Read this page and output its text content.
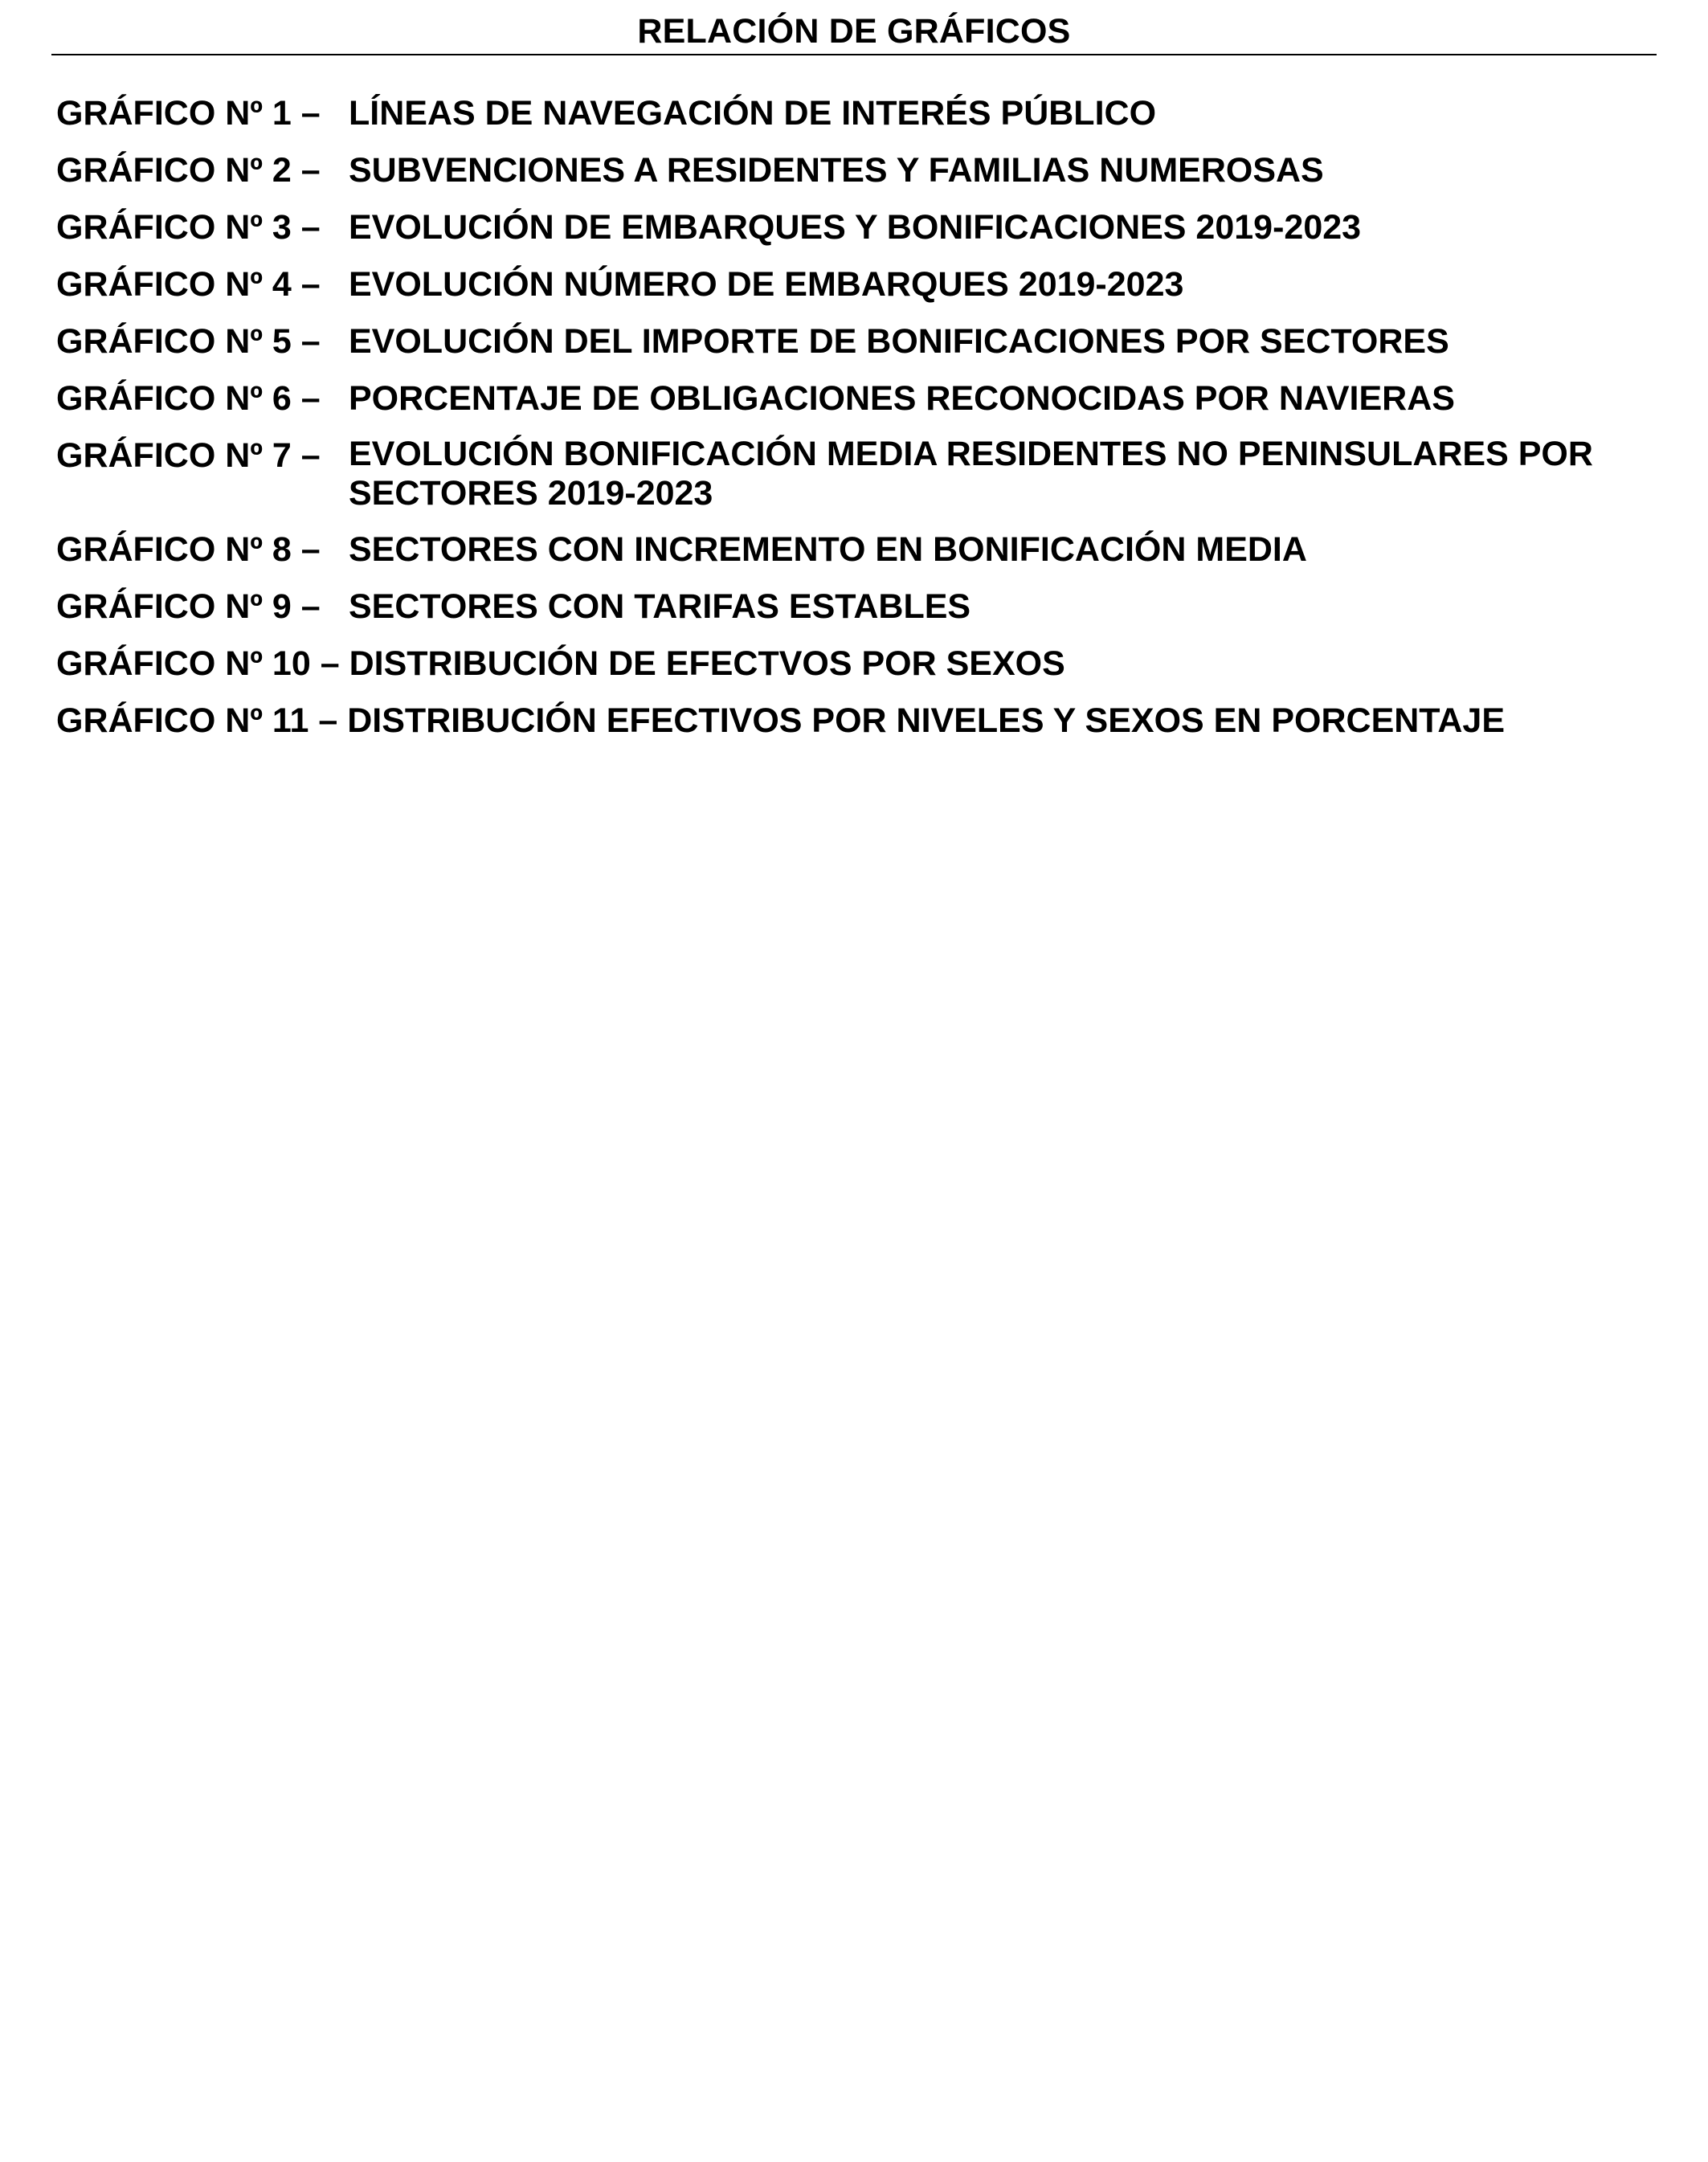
RELACIÓN DE GRÁFICOS
GRÁFICO Nº 1 – LÍNEAS DE NAVEGACIÓN DE INTERÉS PÚBLICO
GRÁFICO Nº 2 – SUBVENCIONES A RESIDENTES Y FAMILIAS NUMEROSAS
GRÁFICO Nº 3 – EVOLUCIÓN DE EMBARQUES Y BONIFICACIONES 2019-2023
GRÁFICO Nº 4 – EVOLUCIÓN NÚMERO DE EMBARQUES 2019-2023
GRÁFICO Nº 5 – EVOLUCIÓN DEL IMPORTE DE BONIFICACIONES POR SECTORES
GRÁFICO Nº 6 – PORCENTAJE DE OBLIGACIONES RECONOCIDAS POR NAVIERAS
GRÁFICO Nº 7 – EVOLUCIÓN BONIFICACIÓN MEDIA RESIDENTES NO PENINSULARES POR SECTORES 2019-2023
GRÁFICO Nº 8 – SECTORES CON INCREMENTO EN BONIFICACIÓN MEDIA
GRÁFICO Nº 9 – SECTORES CON TARIFAS ESTABLES
GRÁFICO Nº 10 – DISTRIBUCIÓN DE EFECTVOS POR SEXOS
GRÁFICO Nº 11 – DISTRIBUCIÓN EFECTIVOS POR NIVELES Y SEXOS EN PORCENTAJE
